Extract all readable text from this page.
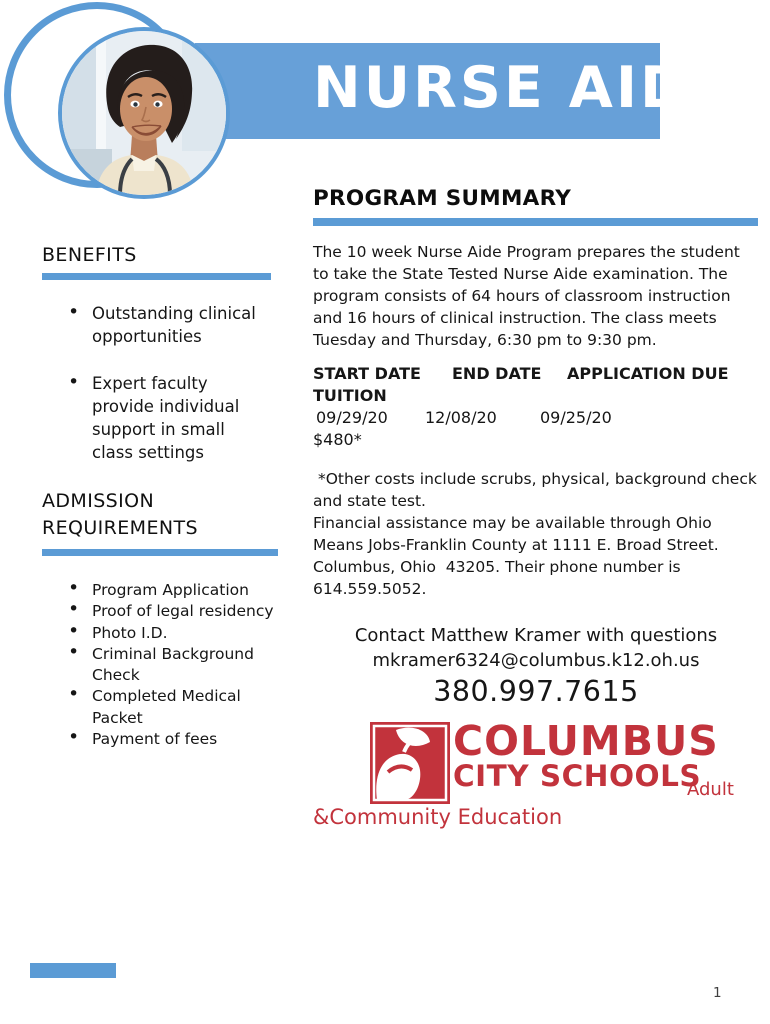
NURSE AIDE
BENEFITS
• Outstanding clinical opportunities
• Expert faculty provide individual support in small class settings
ADMISSION REQUIREMENTS
• Program Application
• Proof of legal residency
• Photo I.D.
• Criminal Background Check
• Completed Medical Packet
• Payment of fees
PROGRAM SUMMARY

The 10 week Nurse Aide Program prepares the student to take the State Tested Nurse Aide examination. The program consists of 64 hours of classroom instruction and 16 hours of clinical instruction. The class meets Tuesday and Thursday, 6:30 pm to 9:30 pm.

START DATE END DATE APPLICATION DUE
TUITION
09/29/20 12/08/20	09/25/20
$480*

*Other costs include scrubs, physical, background check and state test.

Financial assistance may be available through Ohio Means Jobs-Franklin County at 1111 E. Broad Street. Columbus, Ohio  43205. Their phone number is 614.559.5052.

Contact Matthew Kramer with questions
mkramer6324@columbus.k12.oh.us
380.997.7615
COLUMBUS
CITY SCHOOLS
Adult
&Community Education
1
